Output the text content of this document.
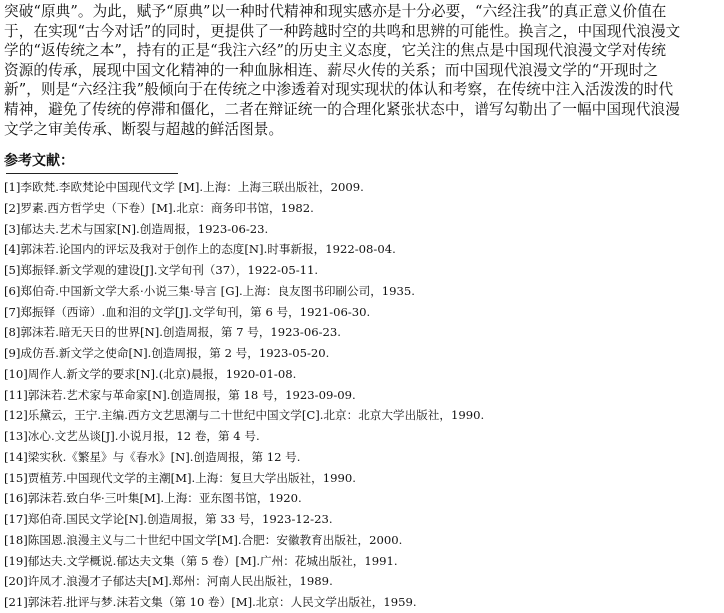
突破“原典”。为此，赋予“原典”以一种时代精神和现实感亦是十分必要，“六经注我”的真正意义价值在
于，在实现“古今对话”的同时，更提供了一种跨越时空的共鸣和思辨的可能性。换言之，中国现代浪漫文
学的“返传统之本”，持有的正是“我注六经”的历史主义态度，它关注的焦点是中国现代浪漫文学对传统
资源的传承，展现中国文化精神的一种血脉相连、薪尽火传的关系；而中国现代浪漫文学的“开现时之
新”，则是“六经注我”般倾向于在传统之中渗透着对现实现状的体认和考察，在传统中注入活泼泼的时代
精神，避免了传统的停滞和僵化，二者在辩证统一的合理化紧张状态中，谱写勾勒出了一幅中国现代浪漫
文学之审美传承、断裂与超越的鲜活图景。
参考文献：
[1]李欧梵.李欧梵论中国现代文学 [M].上海：上海三联出版社，2009.
[2]罗素.西方哲学史（下卷）[M].北京：商务印书馆，1982.
[3]郁达夫.艺术与国家[N].创造周报，1923-06-23.
[4]郭沫若.论国内的评坛及我对于创作上的态度[N].时事新报，1922-08-04.
[5]郑振铎.新文学观的建设[J].文学旬刊（37），1922-05-11.
[6]郑伯奇.中国新文学大系·小说三集·导言 [G].上海：良友图书印刷公司，1935.
[7]郑振铎（西谛）.血和泪的文学[J].文学旬刊，第 6 号，1921-06-30.
[8]郭沫若.暗无天日的世界[N].创造周报，第 7 号，1923-06-23.
[9]成仿吾.新文学之使命[N].创造周报，第 2 号，1923-05-20.
[10]周作人.新文学的要求[N].(北京)晨报，1920-01-08.
[11]郭沫若.艺术家与革命家[N].创造周报，第 18 号，1923-09-09.
[12]乐黛云，王宁.主编.西方文艺思潮与二十世纪中国文学[C].北京：北京大学出版社，1990.
[13]冰心.文艺丛谈[J].小说月报，12 卷，第 4 号.
[14]梁实秋.《繁星》与《春水》[N].创造周报，第 12 号.
[15]贾植芳.中国现代文学的主潮[M].上海：复旦大学出版社，1990.
[16]郭沫若.致白华·三叶集[M].上海：亚东图书馆，1920.
[17]郑伯奇.国民文学论[N].创造周报，第 33 号，1923-12-23.
[18]陈国恩.浪漫主义与二十世纪中国文学[M].合肥：安徽教育出版社，2000.
[19]郁达夫.文学概说.郁达夫文集（第 5 卷）[M].广州：花城出版社，1991.
[20]许凤才.浪漫才子郁达夫[M].郑州：河南人民出版社，1989.
[21]郭沫若.批评与梦.沫若文集（第 10 卷）[M].北京：人民文学出版社，1959.
